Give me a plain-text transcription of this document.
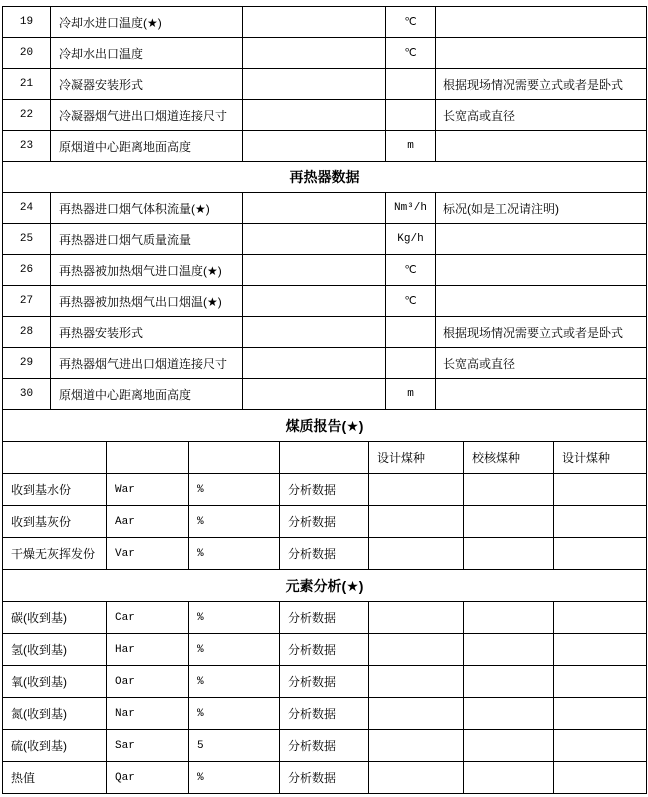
19	冷却水进口温度(★)		℃	
20	冷却水出口温度		℃	
21	冷凝器安装形式			根据现场情况需要立式或者是卧式
22	冷凝器烟气进出口烟道连接尺寸			长宽高或直径
23	原烟道中心距离地面高度		m	
再热器数据				
24	再热器进口烟气体积流量(★)		Nm³/h	标况(如是工况请注明)
25	再热器进口烟气质量流量		Kg/h	
26	再热器被加热烟气进口温度(★)		℃	
27	再热器被加热烟气出口烟温(★)		℃	
28	再热器安装形式			根据现场情况需要立式或者是卧式
29	再热器烟气进出口烟道连接尺寸			长宽高或直径
30	原烟道中心距离地面高度		m	
煤质报告(★)						
				设计煤种	校核煤种	设计煤种
收到基水份	War	%	分析数据			
收到基灰份	Aar	%	分析数据			
干燥无灰挥发份	Var	%	分析数据			
元素分析(★)						
碳(收到基)	Car	%	分析数据			
氢(收到基)	Har	%	分析数据			
氧(收到基)	Oar	%	分析数据			
氮(收到基)	Nar	%	分析数据			
硫(收到基)	Sar	5	分析数据			
热值	Qar	%	分析数据			
